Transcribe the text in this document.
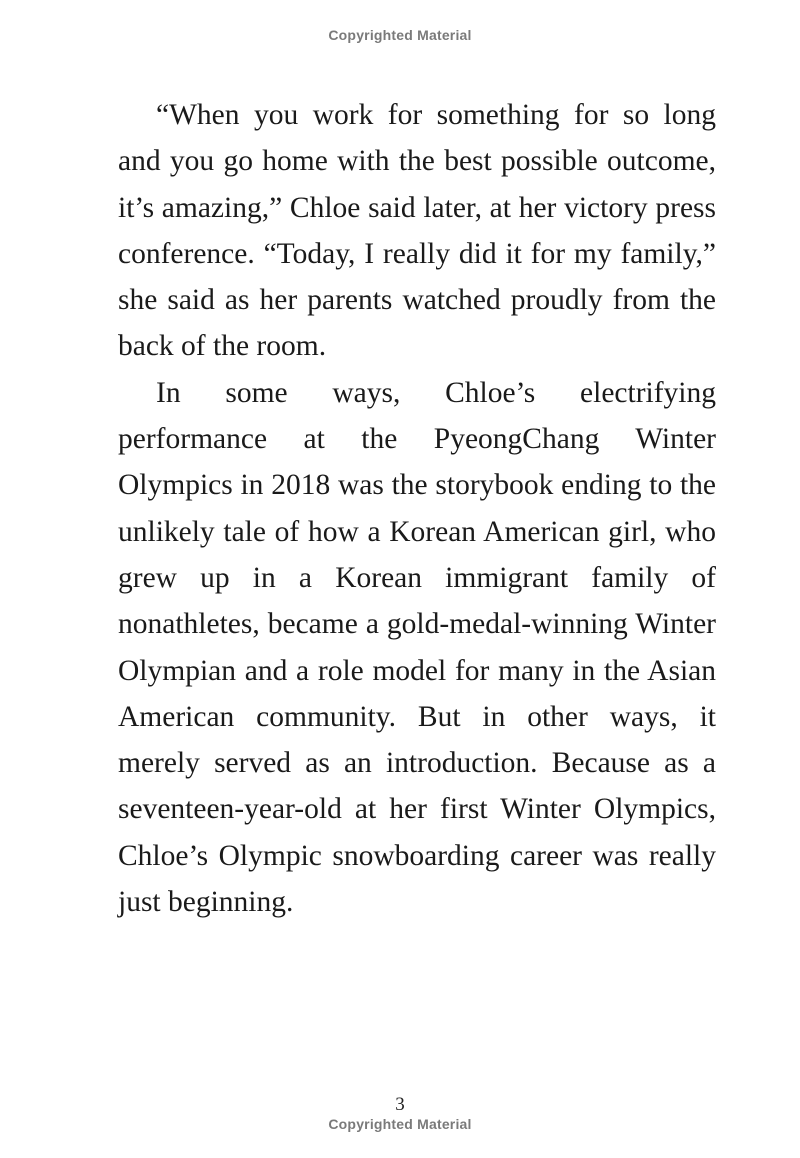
Copyrighted Material

“When you work for something for so long and you go home with the best possible outcome, it’s amazing,” Chloe said later, at her victory press conference. “Today, I really did it for my family,” she said as her parents watched proudly from the back of the room.

In some ways, Chloe’s electrifying performance at the PyeongChang Winter Olympics in 2018 was the storybook ending to the unlikely tale of how a Korean American girl, who grew up in a Korean immigrant family of nonathletes, became a gold-medal-winning Winter Olympian and a role model for many in the Asian American community. But in other ways, it merely served as an introduction. Because as a seventeen-year-old at her first Winter Olympics, Chloe’s Olympic snowboarding career was really just beginning.

3
Copyrighted Material
